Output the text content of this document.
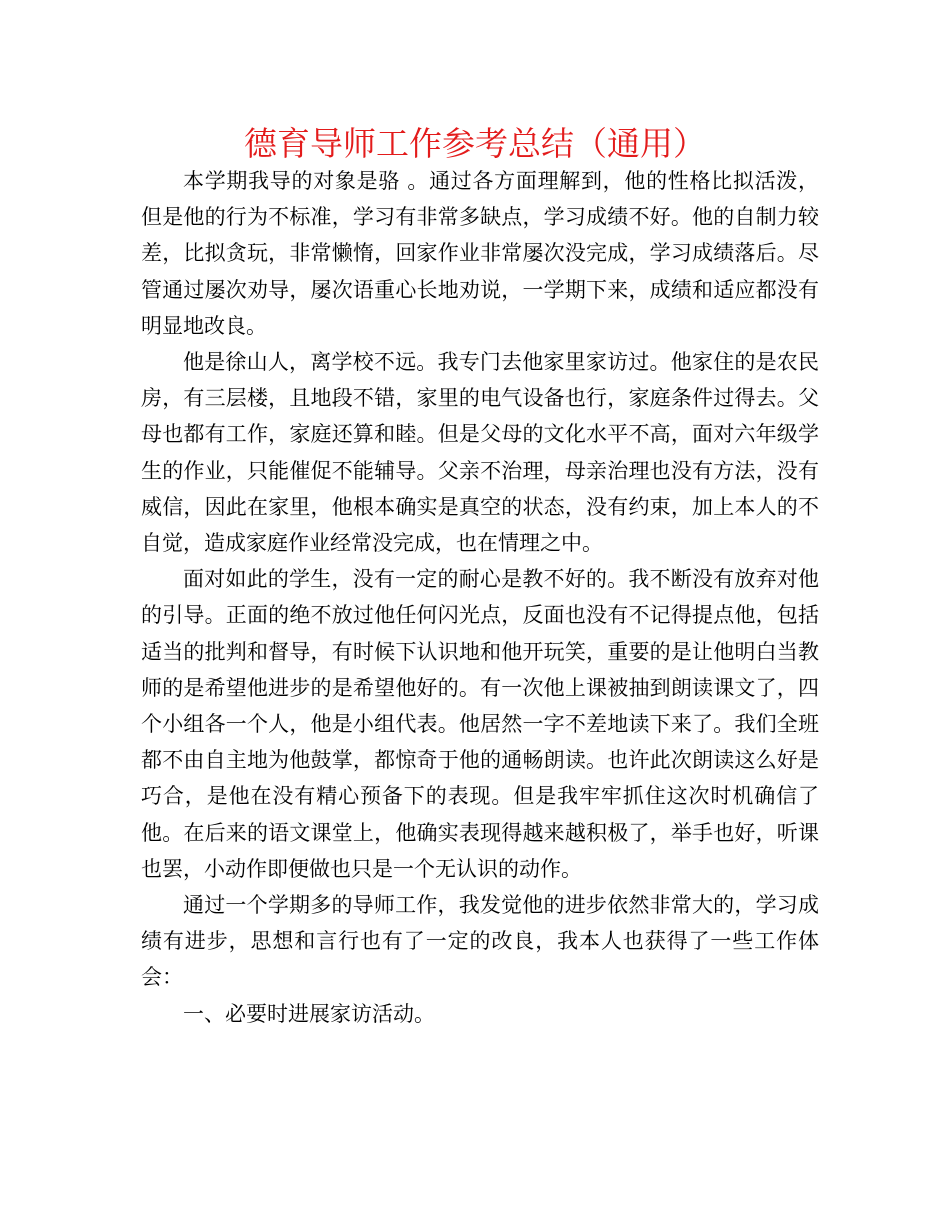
德育导师工作参考总结（通用）

本学期我导的对象是骆 。通过各方面理解到，他的性格比拟活泼，但是他的行为不标准，学习有非常多缺点，学习成绩不好。他的自制力较差，比拟贪玩，非常懒惰，回家作业非常屡次没完成，学习成绩落后。尽管通过屡次劝导，屡次语重心长地劝说，一学期下来，成绩和适应都没有明显地改良。

他是徐山人，离学校不远。我专门去他家里家访过。他家住的是农民房，有三层楼，且地段不错，家里的电气设备也行，家庭条件过得去。父母也都有工作，家庭还算和睦。但是父母的文化水平不高，面对六年级学生的作业，只能催促不能辅导。父亲不治理，母亲治理也没有方法，没有威信，因此在家里，他根本确实是真空的状态，没有约束，加上本人的不自觉，造成家庭作业经常没完成，也在情理之中。

面对如此的学生，没有一定的耐心是教不好的。我不断没有放弃对他的引导。正面的绝不放过他任何闪光点，反面也没有不记得提点他，包括适当的批判和督导，有时候下认识地和他开玩笑，重要的是让他明白当教师的是希望他进步的是希望他好的。有一次他上课被抽到朗读课文了，四个小组各一个人，他是小组代表。他居然一字不差地读下来了。我们全班都不由自主地为他鼓掌，都惊奇于他的通畅朗读。也许此次朗读这么好是巧合，是他在没有精心预备下的表现。但是我牢牢抓住这次时机确信了他。在后来的语文课堂上，他确实表现得越来越积极了，举手也好，听课也罢，小动作即便做也只是一个无认识的动作。

通过一个学期多的导师工作，我发觉他的进步依然非常大的，学习成绩有进步，思想和言行也有了一定的改良，我本人也获得了一些工作体会：

一、必要时进展家访活动。
